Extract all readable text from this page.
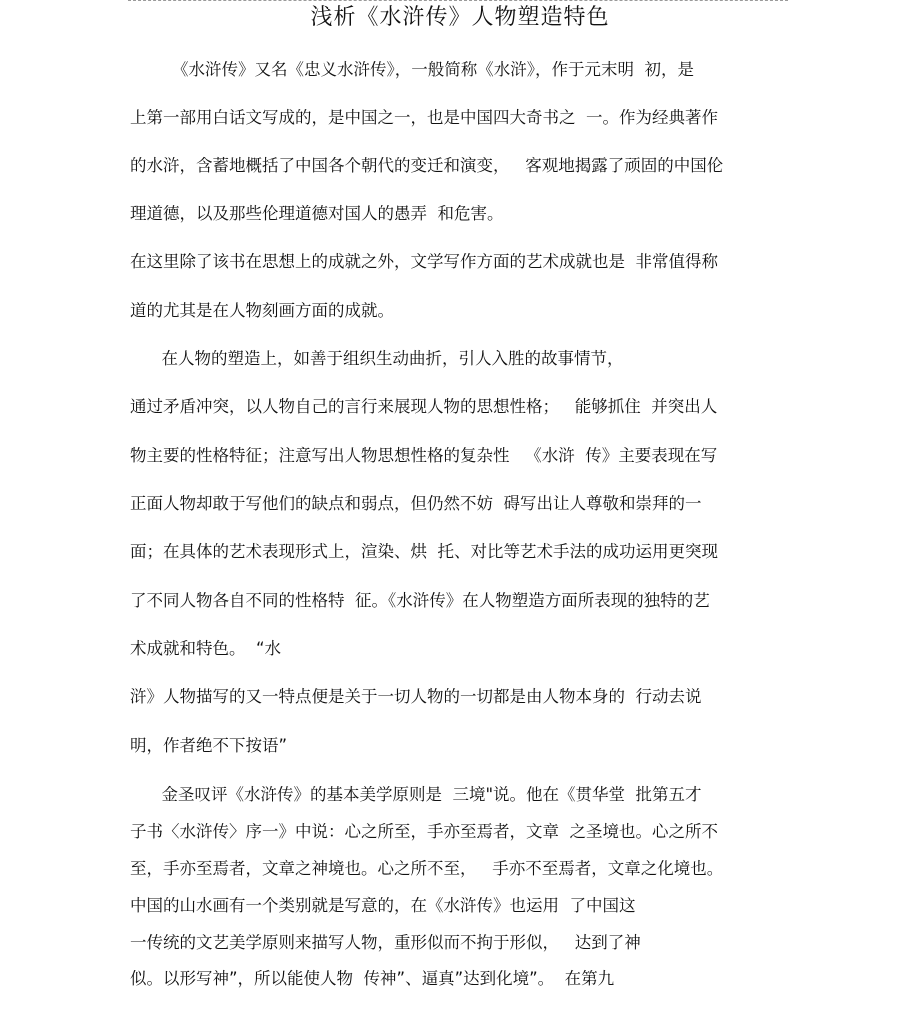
浅析《水浒传》人物塑造特色

《水浒传》又名《忠义水浒传》，一般简称《水浒》，作于元末明  初，是

上第一部用白话文写成的，是中国之一，也是中国四大奇书之  一。作为经典著作

的水浒，含蓄地概括了中国各个朝代的变迁和演变，   客观地揭露了顽固的中国伦

理道德，以及那些伦理道德对国人的愚弄  和危害。

在这里除了该书在思想上的成就之外，文学写作方面的艺术成就也是  非常值得称

道的尤其是在人物刻画方面的成就。

在人物的塑造上，如善于组织生动曲折，引人入胜的故事情节，

通过矛盾冲突，以人物自己的言行来展现人物的思想性格；   能够抓住  并突出人

物主要的性格特征；注意写出人物思想性格的复杂性   《水浒  传》主要表现在写

正面人物却敢于写他们的缺点和弱点，但仍然不妨  碍写出让人尊敬和崇拜的一

面；在具体的艺术表现形式上，渲染、烘  托、对比等艺术手法的成功运用更突现

了不同人物各自不同的性格特  征。《水浒传》在人物塑造方面所表现的独特的艺

术成就和特色。  “水

浒》人物描写的又一特点便是关于一切人物的一切都是由人物本身的  行动去说

明，作者绝不下按语”

金圣叹评《水浒传》的基本美学原则是  三境"说。他在《贯华堂  批第五才

子书〈水浒传〉序一》中说：心之所至，手亦至焉者，文章  之圣境也。心之所不

至，手亦至焉者，文章之神境也。心之所不至，   手亦不至焉者，文章之化境也。

中国的山水画有一个类别就是写意的，在《水浒传》也运用  了中国这

一传统的文艺美学原则来描写人物，重形似而不拘于形似，   达到了神

似。以形写神”，所以能使人物  传神”、逼真”达到化境”。  在第九
